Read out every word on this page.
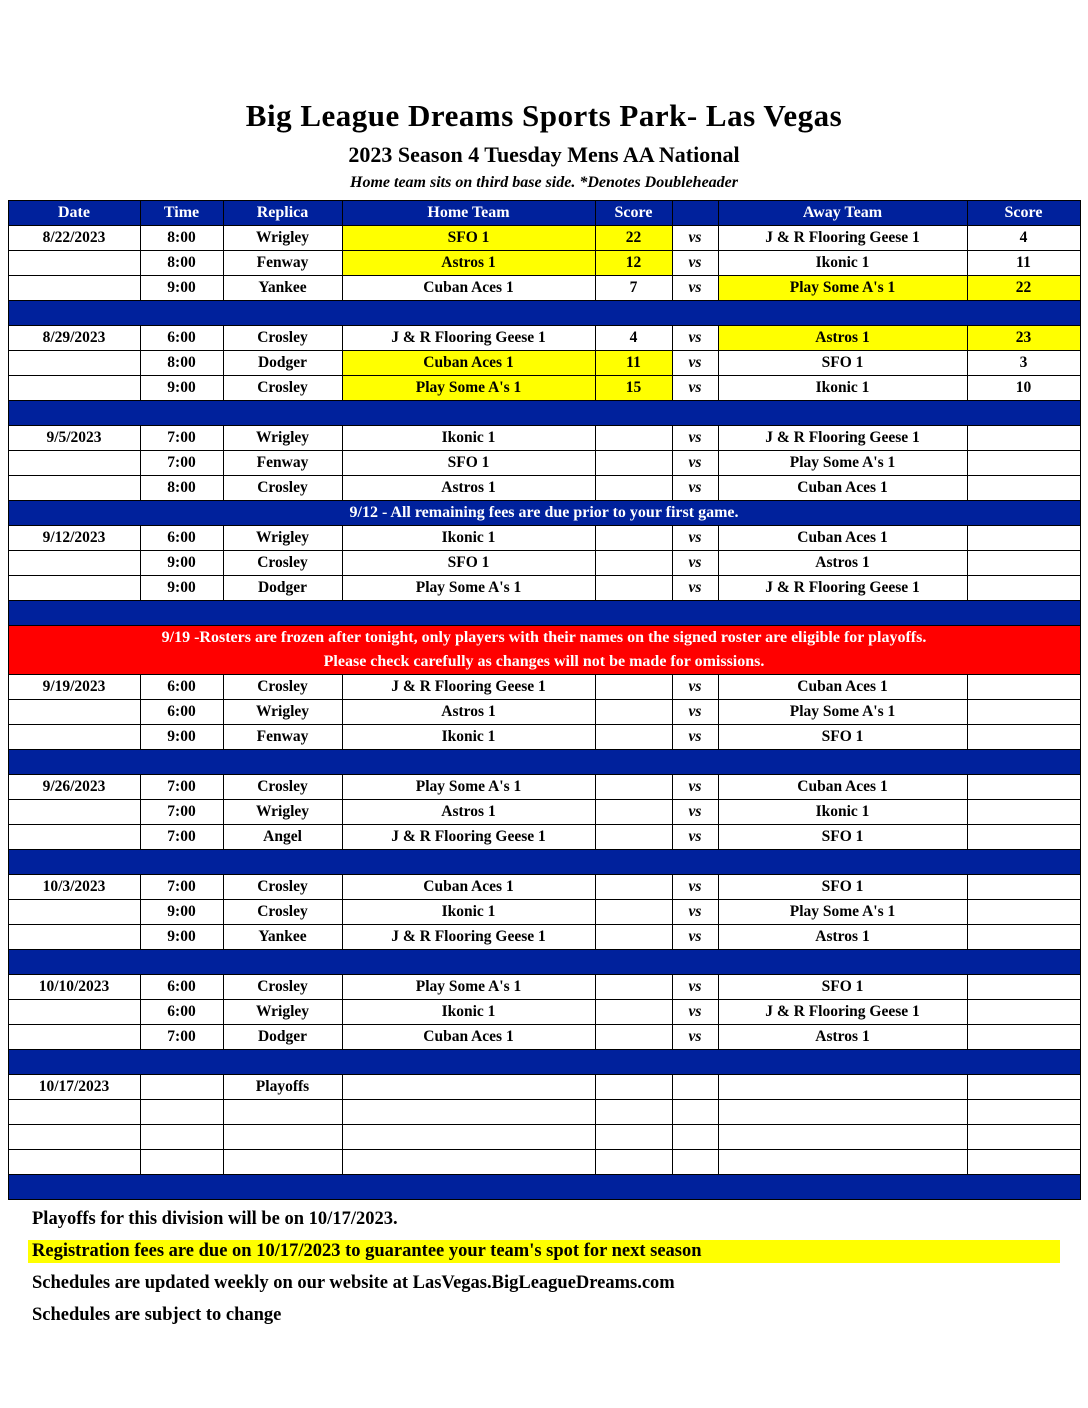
Big League Dreams Sports Park- Las Vegas
2023 Season 4 Tuesday Mens AA National
Home team sits on third base side. *Denotes Doubleheader
Date	Time	Replica	Home Team	Score		Away Team	Score
8/22/2023	8:00	Wrigley	SFO 1	22	vs	J & R Flooring Geese 1	4
	8:00	Fenway	Astros 1	12	vs	Ikonic 1	11
	9:00	Yankee	Cuban Aces 1	7	vs	Play Some A's 1	22

8/29/2023	6:00	Crosley	J & R Flooring Geese 1	4	vs	Astros 1	23
	8:00	Dodger	Cuban Aces 1	11	vs	SFO 1	3
	9:00	Crosley	Play Some A's 1	15	vs	Ikonic 1	10

9/5/2023	7:00	Wrigley	Ikonic 1		vs	J & R Flooring Geese 1	
	7:00	Fenway	SFO 1		vs	Play Some A's 1	
	8:00	Crosley	Astros 1		vs	Cuban Aces 1	

9/12 - All remaining fees are due prior to your first game.							

9/12/2023	6:00	Wrigley	Ikonic 1		vs	Cuban Aces 1	
	9:00	Crosley	SFO 1		vs	Astros 1	
	9:00	Dodger	Play Some A's 1		vs	J & R Flooring Geese 1	

9/19 -Rosters are frozen after tonight, only players with their names on the signed roster are eligible for playoffs.
Please check carefully as changes will not be made for omissions.							

9/19/2023	6:00	Crosley	J & R Flooring Geese 1		vs	Cuban Aces 1	
	6:00	Wrigley	Astros 1		vs	Play Some A's 1	
	9:00	Fenway	Ikonic 1		vs	SFO 1	

9/26/2023	7:00	Crosley	Play Some A's 1		vs	Cuban Aces 1	
	7:00	Wrigley	Astros 1		vs	Ikonic 1	
	7:00	Angel	J & R Flooring Geese 1		vs	SFO 1	

10/3/2023	7:00	Crosley	Cuban Aces 1		vs	SFO 1	
	9:00	Crosley	Ikonic 1		vs	Play Some A's 1	
	9:00	Yankee	J & R Flooring Geese 1		vs	Astros 1	

10/10/2023	6:00	Crosley	Play Some A's 1		vs	SFO 1	
	6:00	Wrigley	Ikonic 1		vs	J & R Flooring Geese 1	
	7:00	Dodger	Cuban Aces 1		vs	Astros 1	

10/17/2023		Playoffs					

Playoffs for this division will be on 10/17/2023.
Registration fees are due on 10/17/2023 to guarantee your team's spot for next season
Schedules are updated weekly on our website at LasVegas.BigLeagueDreams.com
Schedules are subject to change
